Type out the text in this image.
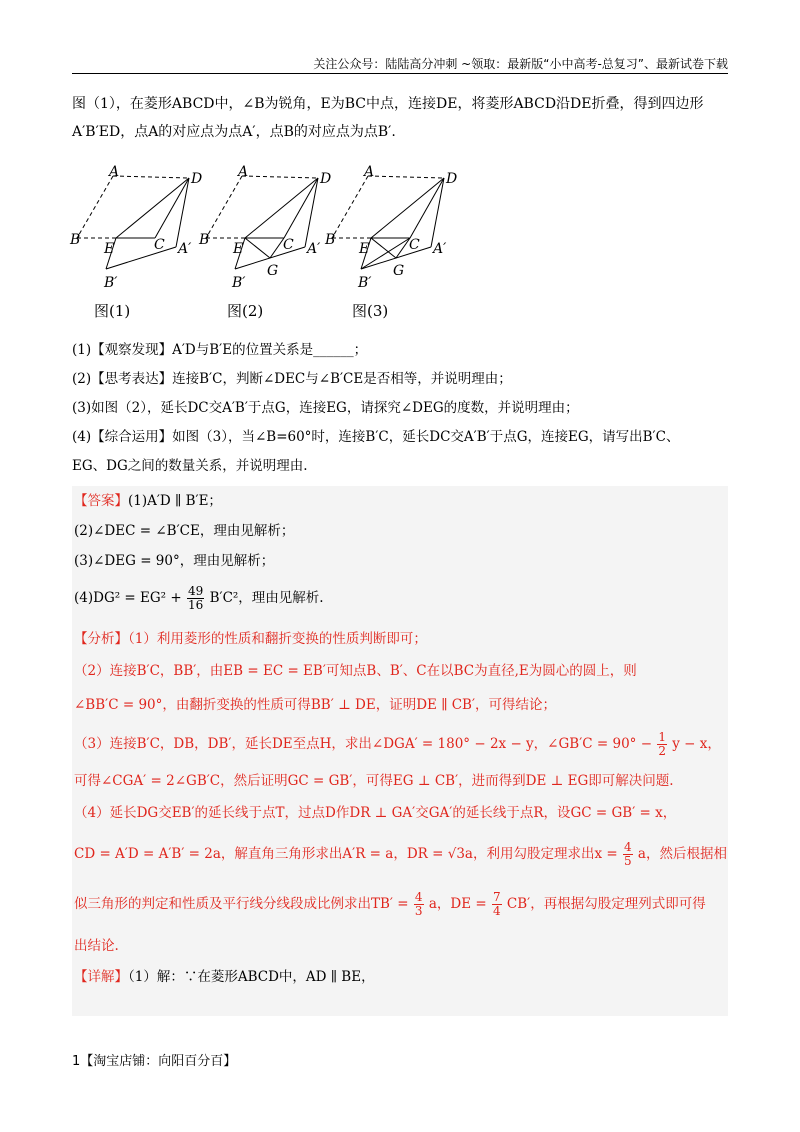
关注公众号：陆陆高分冲刺 ~领取：最新版“小中高考-总复习”、最新试卷下载

图（1），在菱形ABCD中，∠B为锐角，E为BC中点，连接DE，将菱形ABCD沿DE折叠，得到四边形

A′B′ED，点A的对应点为点A′，点B的对应点为点B′.

A	D
B
E	C A′
B′
A	D
B
E	C A′
G
B′
A	D
B
E	C A′
G
B′
图(1)	图(2)	图(3)

(1)【观察发现】A′D与B′E的位置关系是______；

(2)【思考表达】连接B′C，判断∠DEC与∠B′CE是否相等，并说明理由；

(3)如图（2），延长DC交A′B′于点G，连接EG，请探究∠DEG的度数，并说明理由；

(4)【综合运用】如图（3），当∠B=60°时，连接B′C，延长DC交A′B′于点G，连接EG，请写出B′C、

EG、DG之间的数量关系，并说明理由.

【答案】(1)A′D ∥ B′E；

(2)∠DEC = ∠B′CE，理由见解析；

(3)∠DEG = 90°，理由见解析；

$(4)DG^2 = EG^2 + \frac{49}{16} B'C^2$，理由见解析.

【分析】（1）利用菱形的性质和翻折变换的性质判断即可；

（2）连接B′C，BB′，由EB = EC = EB′可知点B、B′、C在以BC为直径,E为圆心的圆上，则

∠BB′C = 90°，由翻折变换的性质可得BB′ ⊥ DE，证明DE ∥ CB′，可得结论；

（3）连接B′C，DB，DB′，延长DE至点H，求出∠DGA′ = 180° − 2x − y，∠GB′C = $90^\circ - \frac{1}{2}$ y − x，

可得∠CGA′ = 2∠GB′C，然后证明GC = GB′，可得EG ⊥ CB′，进而得到DE ⊥ EG即可解决问题.

（4）延长DG交EB′的延长线于点T，过点D作DR ⊥ GA′交GA′的延长线于点R，设GC = GB′ = x，

CD = A′D = A′B′ = 2a，解直角三角形求出A′R = a，DR = √3a，利用勾股定理求出$x = \frac{4}{5}$ a，然后根据相

似三角形的判定和性质及平行线分线段成比例求出$TB' = \frac{4}{3}$ a，DE = $\frac{7}{4} CB'$，再根据勾股定理列式即可得

出结论.

【详解】（1）解：∵在菱形ABCD中，AD ∥ BE，

1【淘宝店铺：向阳百分百】
